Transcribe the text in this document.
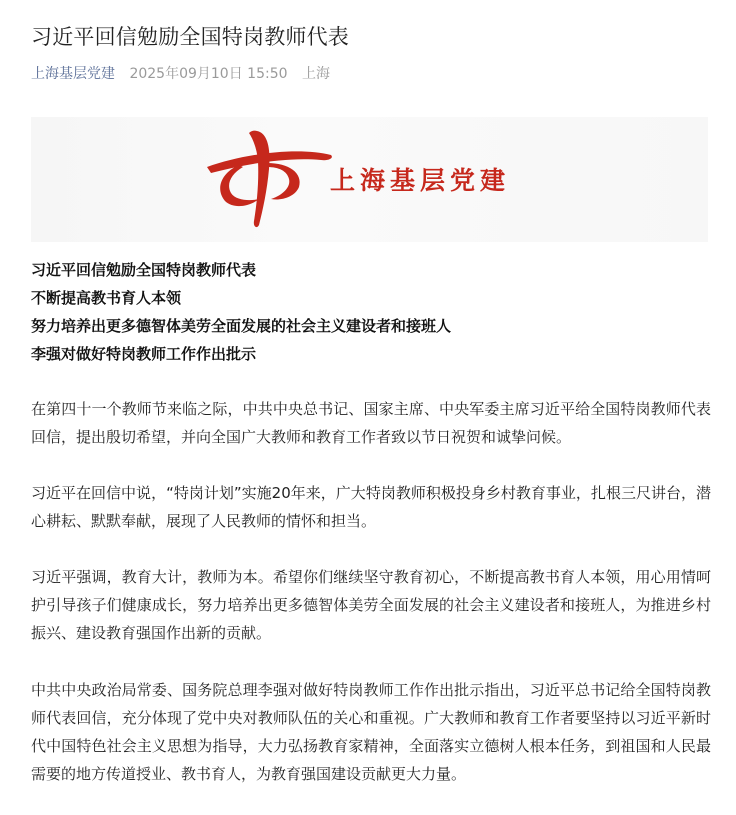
习近平回信勉励全国特岗教师代表
上海基层党建 2025年09月10日 15:50 上海
上海基层党建
习近平回信勉励全国特岗教师代表
不断提高教书育人本领
努力培养出更多德智体美劳全面发展的社会主义建设者和接班人
李强对做好特岗教师工作作出批示

在第四十一个教师节来临之际，中共中央总书记、国家主席、中央军委主席习近平给全国特岗教师代表回信，提出殷切希望，并向全国广大教师和教育工作者致以节日祝贺和诚挚问候。

习近平在回信中说，“特岗计划”实施20年来，广大特岗教师积极投身乡村教育事业，扎根三尺讲台，潜心耕耘、默默奉献，展现了人民教师的情怀和担当。

习近平强调，教育大计，教师为本。希望你们继续坚守教育初心，不断提高教书育人本领，用心用情呵护引导孩子们健康成长，努力培养出更多德智体美劳全面发展的社会主义建设者和接班人，为推进乡村振兴、建设教育强国作出新的贡献。

中共中央政治局常委、国务院总理李强对做好特岗教师工作作出批示指出，习近平总书记给全国特岗教师代表回信，充分体现了党中央对教师队伍的关心和重视。广大教师和教育工作者要坚持以习近平新时代中国特色社会主义思想为指导，大力弘扬教育家精神，全面落实立德树人根本任务，到祖国和人民最需要的地方传道授业、教书育人，为教育强国建设贡献更大力量。
